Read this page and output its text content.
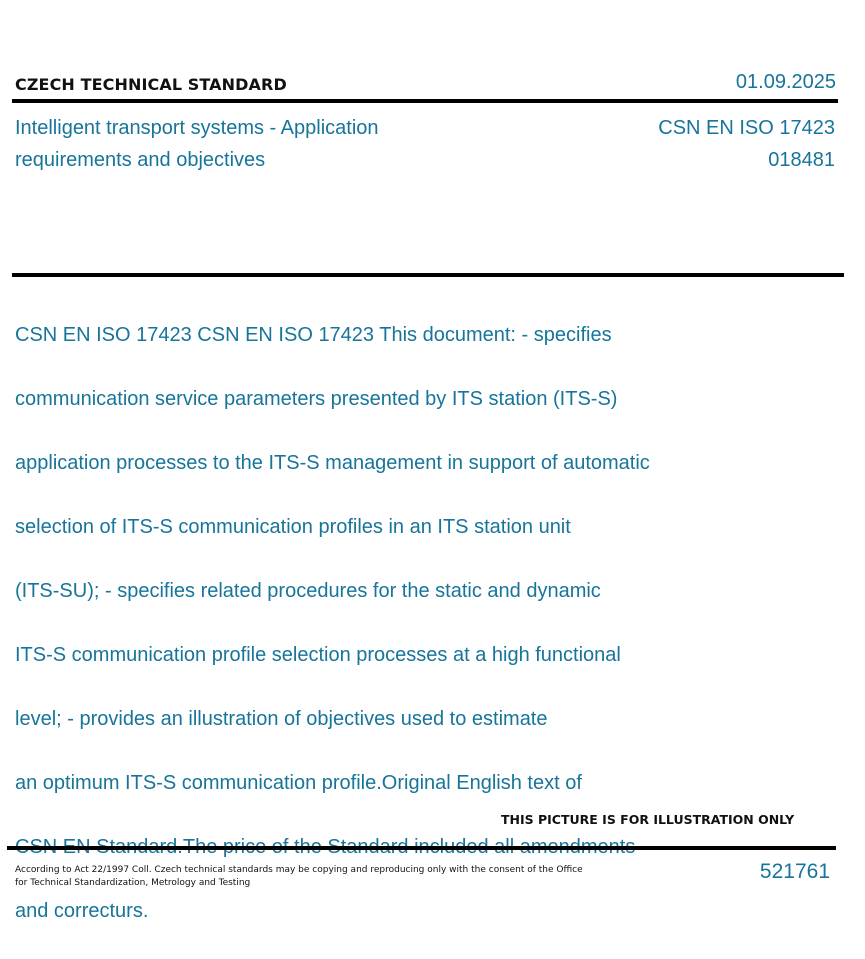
CZECH TECHNICAL STANDARD	01.09.2025
Intelligent transport systems - Application
requirements and objectives
CSN EN ISO 17423
018481

CSN EN ISO 17423 CSN EN ISO 17423 This document: - specifies

communication service parameters presented by ITS station (ITS-S)

application processes to the ITS-S management in support of automatic

selection of ITS-S communication profiles in an ITS station unit

(ITS-SU); - specifies related procedures for the static and dynamic

ITS-S communication profile selection processes at a high functional

level; - provides an illustration of objectives used to estimate

an optimum ITS-S communication profile.Original English text of

and correcturs.

THIS PICTURE IS FOR ILLUSTRATION ONLY
According to Act 22/1997 Coll. Czech technical standards may be copying and reproducing only with the consent of the Office
for Technical Standardization, Metrology and Testing	521761
